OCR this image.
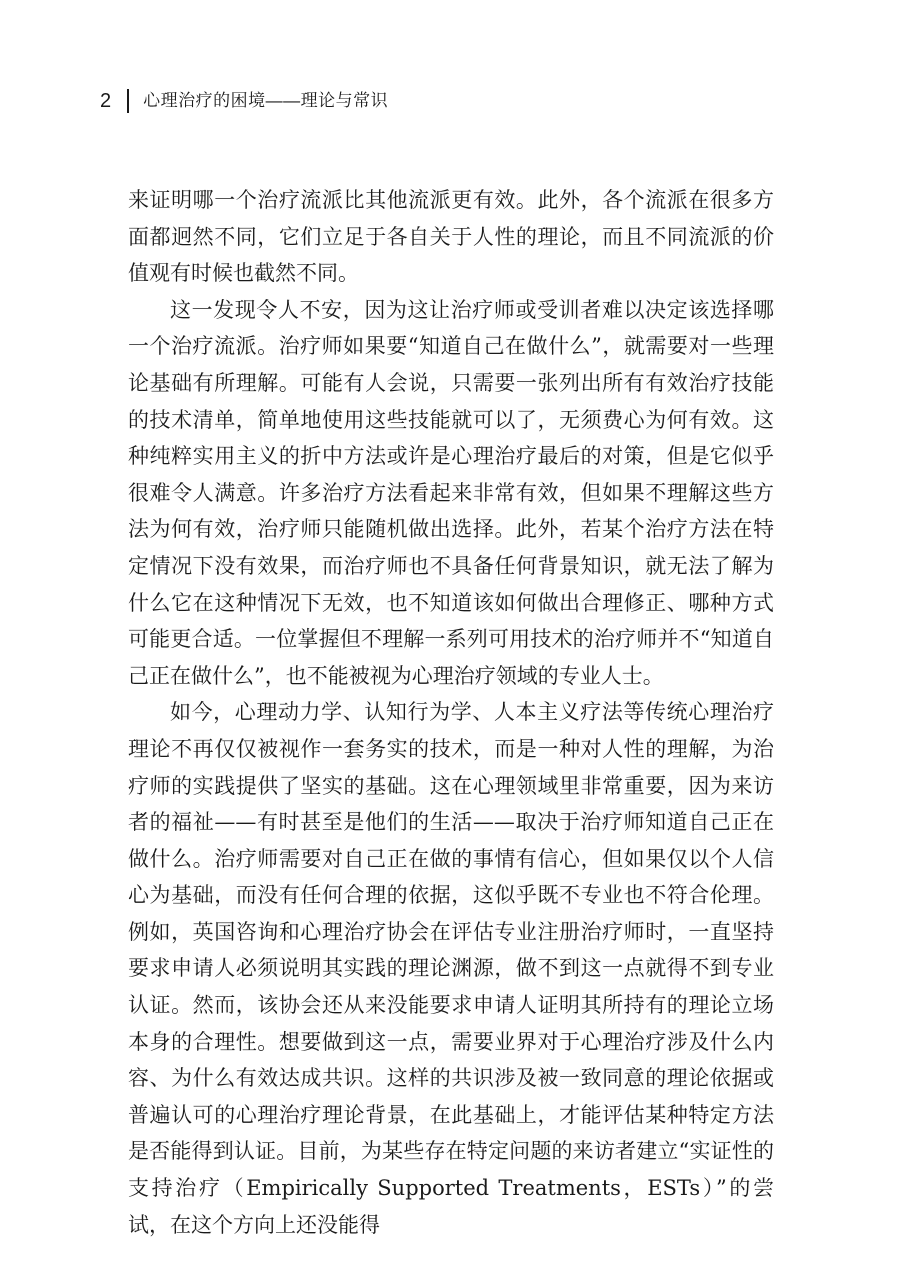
2 心理治疗的困境——理论与常识

来证明哪一个治疗流派比其他流派更有效。此外，各个流派在很多方面都迥然不同，它们立足于各自关于人性的理论，而且不同流派的价值观有时候也截然不同。

这一发现令人不安，因为这让治疗师或受训者难以决定该选择哪一个治疗流派。治疗师如果要“知道自己在做什么”，就需要对一些理论基础有所理解。可能有人会说，只需要一张列出所有有效治疗技能的技术清单，简单地使用这些技能就可以了，无须费心为何有效。这种纯粹实用主义的折中方法或许是心理治疗最后的对策，但是它似乎很难令人满意。许多治疗方法看起来非常有效，但如果不理解这些方法为何有效，治疗师只能随机做出选择。此外，若某个治疗方法在特定情况下没有效果，而治疗师也不具备任何背景知识，就无法了解为什么它在这种情况下无效，也不知道该如何做出合理修正、哪种方式可能更合适。一位掌握但不理解一系列可用技术的治疗师并不“知道自己正在做什么”，也不能被视为心理治疗领域的专业人士。

如今，心理动力学、认知行为学、人本主义疗法等传统心理治疗理论不再仅仅被视作一套务实的技术，而是一种对人性的理解，为治疗师的实践提供了坚实的基础。这在心理领域里非常重要，因为来访者的福祉——有时甚至是他们的生活——取决于治疗师知道自己正在做什么。治疗师需要对自己正在做的事情有信心，但如果仅以个人信心为基础，而没有任何合理的依据，这似乎既不专业也不符合伦理。例如，英国咨询和心理治疗协会在评估专业注册治疗师时，一直坚持要求申请人必须说明其实践的理论渊源，做不到这一点就得不到专业认证。然而，该协会还从来没能要求申请人证明其所持有的理论立场本身的合理性。想要做到这一点，需要业界对于心理治疗涉及什么内容、为什么有效达成共识。这样的共识涉及被一致同意的理论依据或普遍认可的心理治疗理论背景，在此基础上，才能评估某种特定方法是否能得到认证。目前，为某些存在特定问题的来访者建立“实证性的支持治疗（Empirically Supported Treatments，ESTs）”的尝试，在这个方向上还没能得
